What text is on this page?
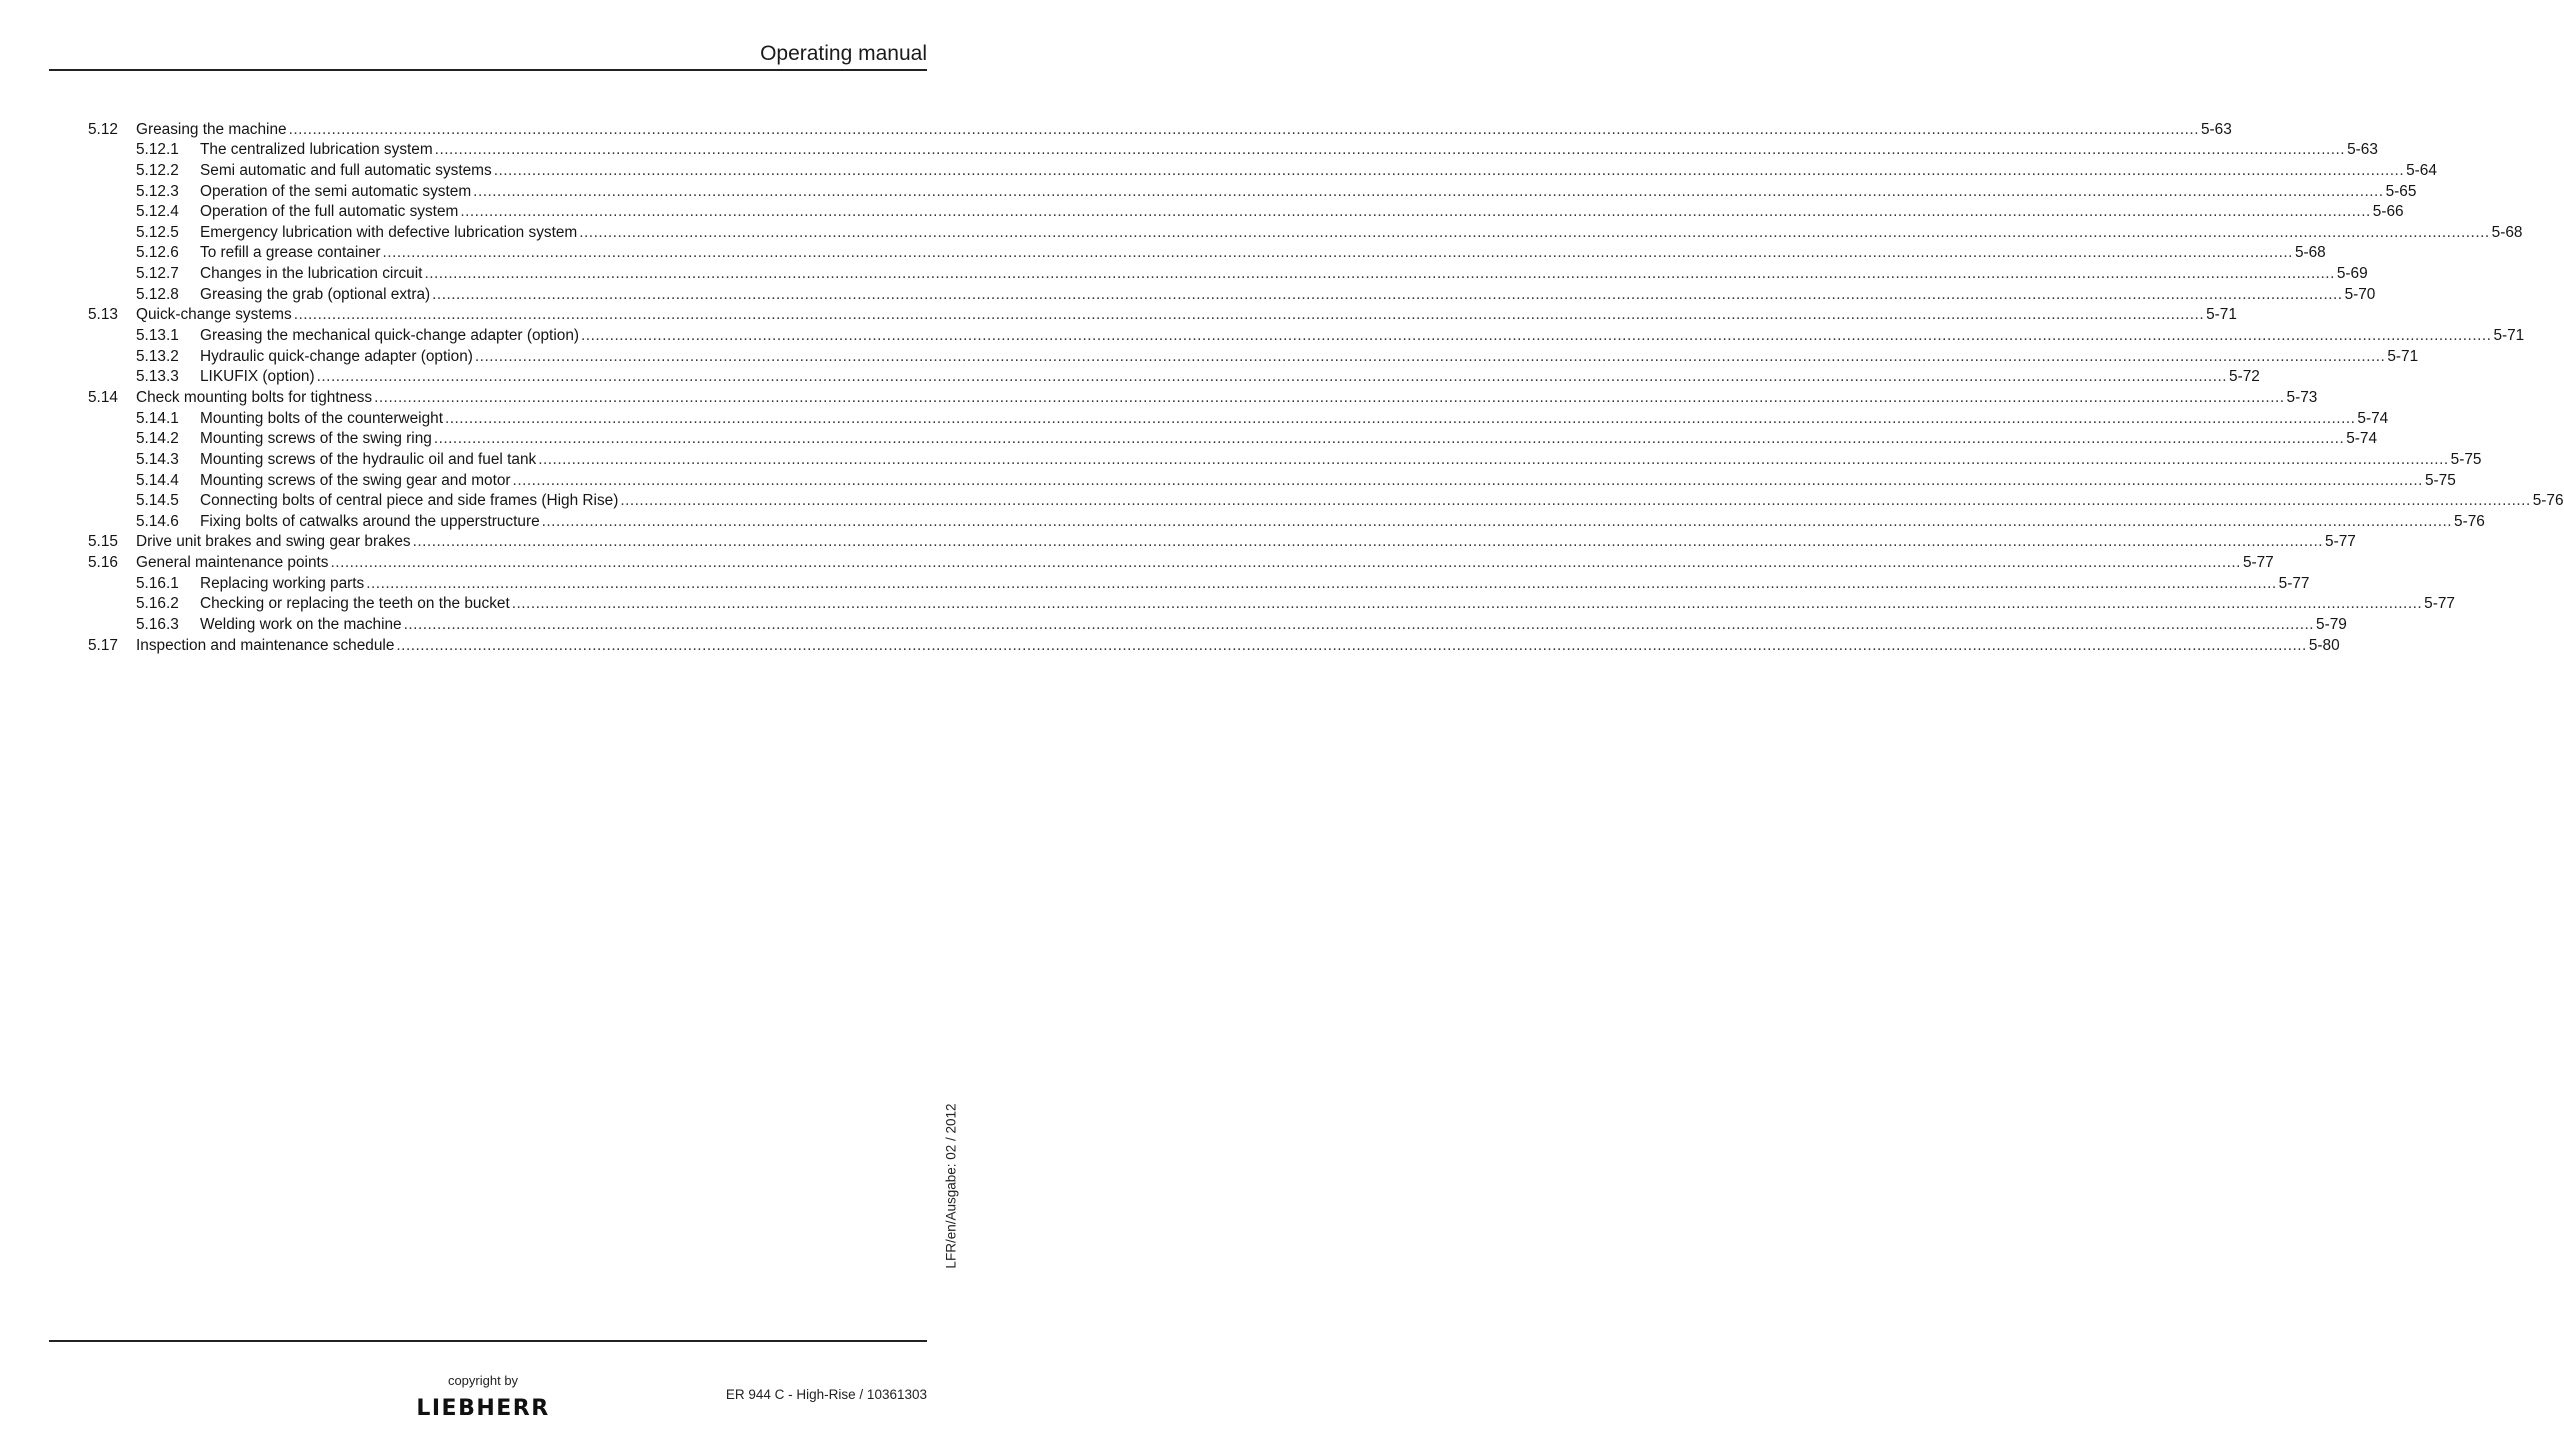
Operating manual
5.12	Greasing the machine ................................................................................................................................................................................................................................................................................................................................................................................................................ 5-63
5.12.1	The centralized lubrication system ................................................................................................................................................................................................................................................................................................................................................................................................................ 5-63
5.12.2	Semi automatic and full automatic systems ................................................................................................................................................................................................................................................................................................................................................................................................................ 5-64
5.12.3	Operation of the semi automatic system ................................................................................................................................................................................................................................................................................................................................................................................................................ 5-65
5.12.4	Operation of the full automatic system ................................................................................................................................................................................................................................................................................................................................................................................................................ 5-66
5.12.5	Emergency lubrication with defective lubrication system ................................................................................................................................................................................................................................................................................................................................................................................................................ 5-68
5.12.6	To refill a grease container ................................................................................................................................................................................................................................................................................................................................................................................................................ 5-68
5.12.7	Changes in the lubrication circuit ................................................................................................................................................................................................................................................................................................................................................................................................................ 5-69
5.12.8	Greasing the grab (optional extra) ................................................................................................................................................................................................................................................................................................................................................................................................................ 5-70
5.13	Quick-change systems ................................................................................................................................................................................................................................................................................................................................................................................................................ 5-71
5.13.1	Greasing the mechanical quick-change adapter (option) ................................................................................................................................................................................................................................................................................................................................................................................................................ 5-71
5.13.2	Hydraulic quick-change adapter (option) ................................................................................................................................................................................................................................................................................................................................................................................................................ 5-71
5.13.3	LIKUFIX (option) ................................................................................................................................................................................................................................................................................................................................................................................................................ 5-72
5.14	Check mounting bolts for tightness ................................................................................................................................................................................................................................................................................................................................................................................................................ 5-73
5.14.1	Mounting bolts of the counterweight ................................................................................................................................................................................................................................................................................................................................................................................................................ 5-74
5.14.2	Mounting screws of the swing ring ................................................................................................................................................................................................................................................................................................................................................................................................................ 5-74
5.14.3	Mounting screws of the hydraulic oil and fuel tank ................................................................................................................................................................................................................................................................................................................................................................................................................ 5-75
5.14.4	Mounting screws of the swing gear and motor ................................................................................................................................................................................................................................................................................................................................................................................................................ 5-75
5.14.5	Connecting bolts of central piece and side frames (High Rise) ................................................................................................................................................................................................................................................................................................................................................................................................................ 5-76
5.14.6	Fixing bolts of catwalks around the upperstructure ................................................................................................................................................................................................................................................................................................................................................................................................................ 5-76
5.15	Drive unit brakes and swing gear brakes ................................................................................................................................................................................................................................................................................................................................................................................................................ 5-77
5.16	General maintenance points ................................................................................................................................................................................................................................................................................................................................................................................................................ 5-77
5.16.1	Replacing working parts ................................................................................................................................................................................................................................................................................................................................................................................................................ 5-77
5.16.2	Checking or replacing the teeth on the bucket ................................................................................................................................................................................................................................................................................................................................................................................................................ 5-77
5.16.3	Welding work on the machine ................................................................................................................................................................................................................................................................................................................................................................................................................ 5-79
5.17	Inspection and maintenance schedule ................................................................................................................................................................................................................................................................................................................................................................................................................ 5-80
LFR/en/Ausgabe: 02 / 2012
copyright by
LIEBHERR
ER 944 C - High-Rise / 10361303
